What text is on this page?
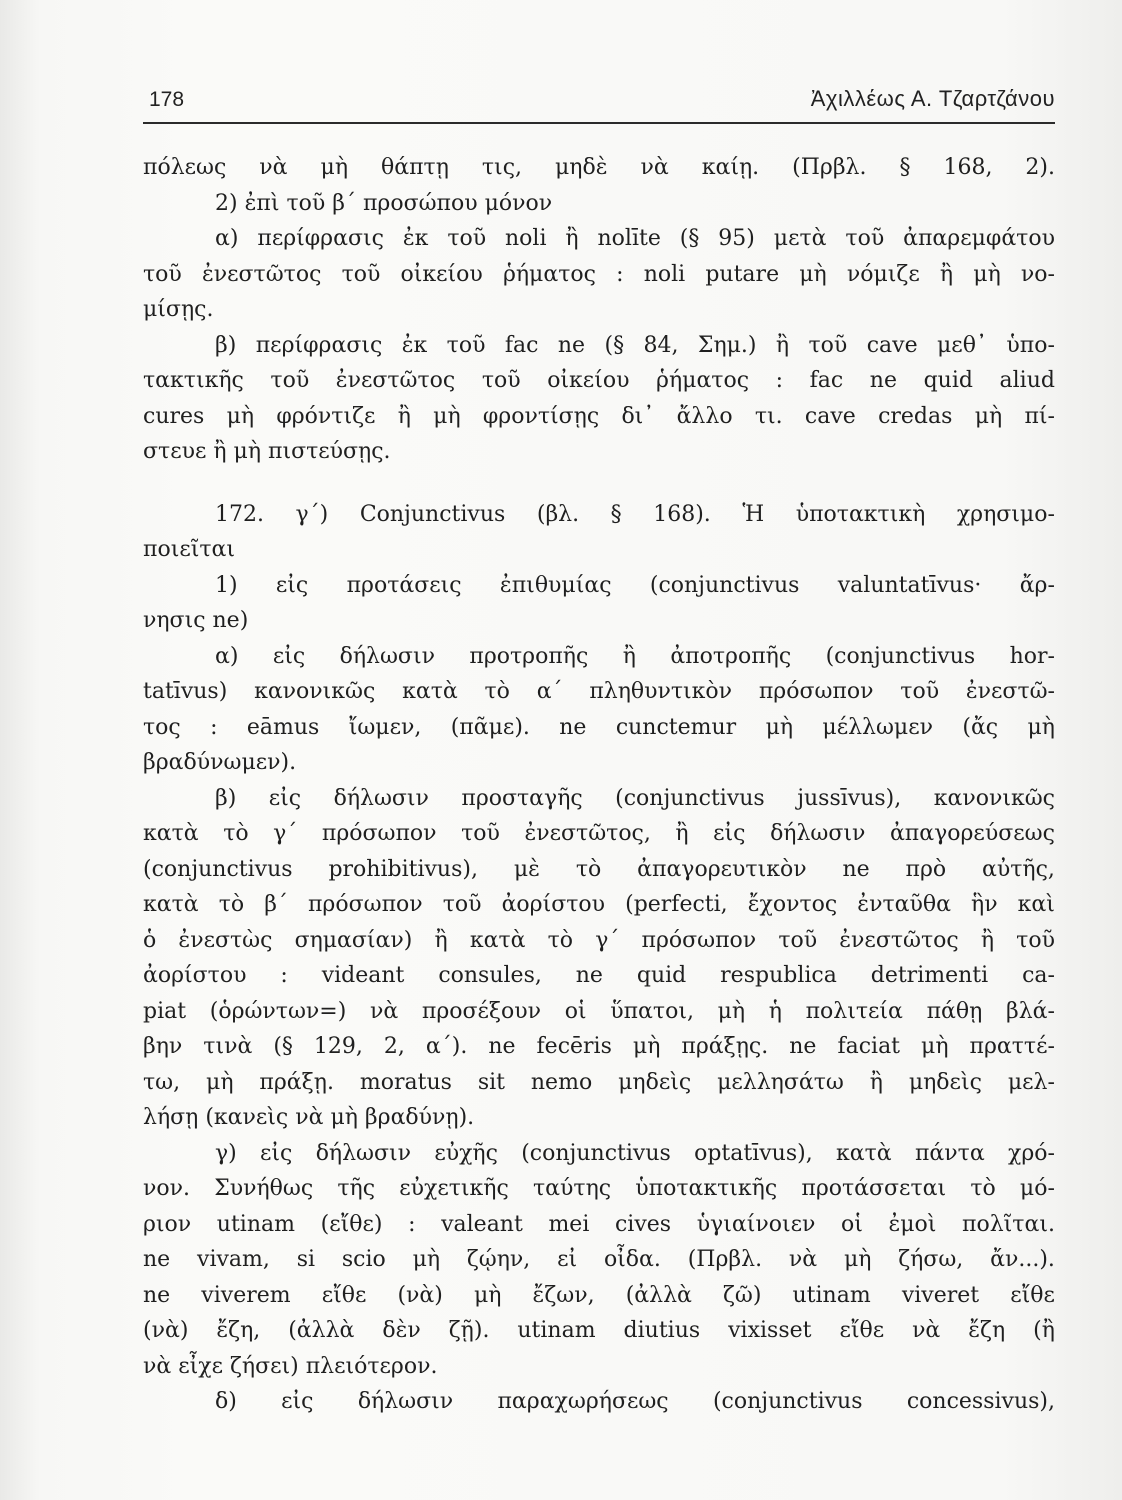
178	Ἀχιλλέως Α. Τζαρτζάνου
πόλεως νὰ μὴ θάπτῃ τις, μηδὲ νὰ καίῃ. (Πρβλ. § 168, 2).
2) ἐπὶ τοῦ β΄ προσώπου μόνον
α) περίφρασις ἐκ τοῦ noli ἢ nolīte (§ 95) μετὰ τοῦ ἀπαρεμφάτου
τοῦ ἐνεστῶτος τοῦ οἰκείου ῥήματος : noli putare μὴ νόμιζε ἢ μὴ νο-
μίσῃς.
β) περίφρασις ἐκ τοῦ fac ne (§ 84, Σημ.) ἢ τοῦ cave μεθ᾽ ὑπο-
τακτικῆς τοῦ ἐνεστῶτος τοῦ οἰκείου ῥήματος : fac ne quid aliud
cures μὴ φρόντιζε ἢ μὴ φροντίσῃς δι᾽ ἄλλο τι. cave credas μὴ πί-
στευε ἢ μὴ πιστεύσῃς.
172. γ΄) Conjunctivus (βλ. § 168). Ἡ ὑποτακτικὴ χρησιμο-
ποιεῖται
1) εἰς προτάσεις ἐπιθυμίας (conjunctivus valuntatīvus· ἄρ-
νησις ne)
α) εἰς δήλωσιν προτροπῆς ἢ ἀποτροπῆς (conjunctivus hor-
tatīvus) κανονικῶς κατὰ τὸ α΄ πληθυντικὸν πρόσωπον τοῦ ἐνεστῶ-
τος : eāmus ἴωμεν, (πᾶμε). ne cunctemur μὴ μέλλωμεν (ἄς μὴ
βραδύνωμεν).
β) εἰς δήλωσιν προσταγῆς (conjunctivus jussīvus), κανονικῶς
κατὰ τὸ γ΄ πρόσωπον τοῦ ἐνεστῶτος, ἢ εἰς δήλωσιν ἀπαγορεύσεως
(conjunctivus prohibitivus), μὲ τὸ ἀπαγορευτικὸν ne πρὸ αὐτῆς,
κατὰ τὸ β΄ πρόσωπον τοῦ ἀορίστου (perfecti, ἔχοντος ἐνταῦθα ἣν καὶ
ὁ ἐνεστὼς σημασίαν) ἢ κατὰ τὸ γ΄ πρόσωπον τοῦ ἐνεστῶτος ἢ τοῦ
ἀορίστου : videant consules, ne quid respublica detrimenti ca-
piat (ὁρώντων=) νὰ προσέξουν οἱ ὕπατοι, μὴ ἡ πολιτεία πάθῃ βλά-
βην τινὰ (§ 129, 2, α΄). ne fecēris μὴ πράξῃς. ne faciat μὴ πραττέ-
τω, μὴ πράξῃ. moratus sit nemo μηδεὶς μελλησάτω ἢ μηδεὶς μελ-
λήσῃ (κανεὶς νὰ μὴ βραδύνῃ).
γ) εἰς δήλωσιν εὐχῆς (conjunctivus optatīvus), κατὰ πάντα χρό-
νον. Συνήθως τῆς εὐχετικῆς ταύτης ὑποτακτικῆς προτάσσεται τὸ μό-
ριον utinam (εἴθε) : valeant mei cives ὑγιαίνοιεν οἱ ἐμοὶ πολῖται.
ne vivam, si scio μὴ ζῴην, εἰ οἶδα. (Πρβλ. νὰ μὴ ζήσω, ἄν...).
ne viverem εἴθε (νὰ) μὴ ἔζων, (ἀλλὰ ζῶ) utinam viveret εἴθε
(νὰ) ἔζη, (ἀλλὰ δὲν ζῇ). utinam diutius vixisset εἴθε νὰ ἔζη (ἢ
νὰ εἶχε ζήσει) πλειότερον.
δ) εἰς δήλωσιν παραχωρήσεως (conjunctivus concessivus),
